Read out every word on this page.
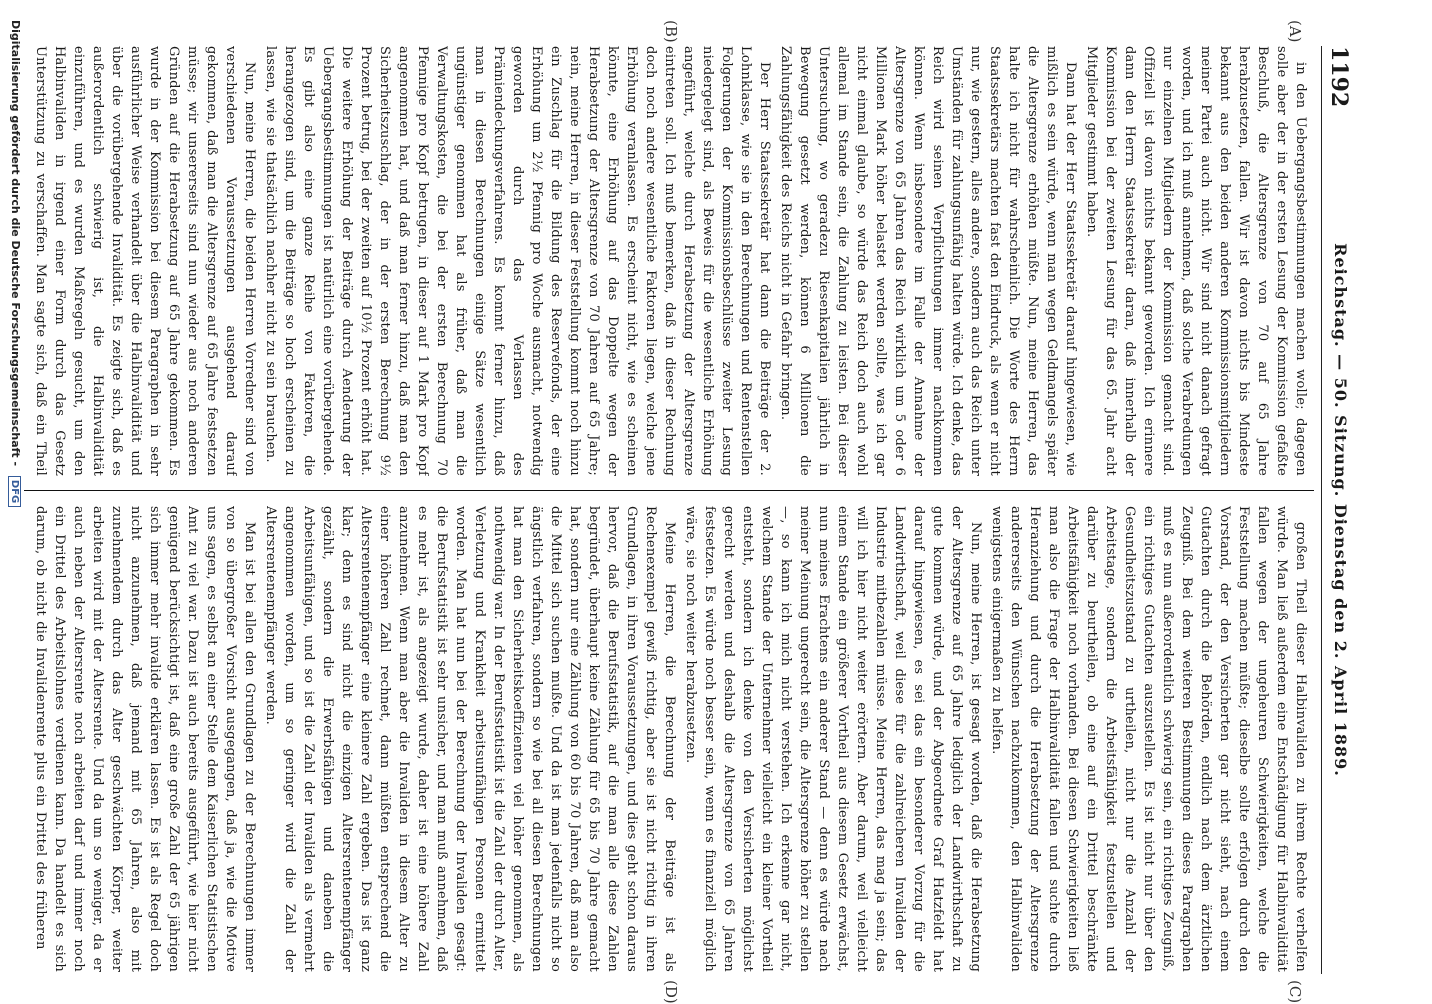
1192
Reichstag. — 50. Sitzung. Dienstag den 2. April 1889.
(A)
(B)
(C)
(D)

in den Uebergangsbestimmungen machen wolle; dagegen solle aber der in der ersten Lesung der Kommission gefaßte Beschluß, die Altersgrenze von 70 auf 65 Jahre herabzusetzen, fallen. Wir ist davon nichts bis Mindeste bekannt aus den beiden anderen Kommissionsmitgliedern meiner Partei auch nicht. Wir sind nicht danach gefragt worden, und ich muß annehmen, daß solche Verabredungen nur einzelnen Mitgliedern der Kommission gemacht sind. Offiziell ist davon nichts bekannt geworden. Ich erinnere dann den Herrn Staatssekretär daran, daß innerhalb der Kommission bei der zweiten Lesung für das 65. Jahr acht Mitglieder gestimmt haben.

Dann hat der Herr Staatssekretär darauf hingewiesen, wie mißlich es sein würde, wenn man wegen Geldmangels später die Altersgrenze erhöhen müßte. Nun, meine Herren, das halte ich nicht für wahrscheinlich. Die Worte des Herrn Staatssekretärs machten fast den Eindruck, als wenn er nicht nur, wie gestern, alles andere, sondern auch das Reich unter Umständen für zahlungsunfähig halten würde. Ich denke, das Reich wird seinen Verpflichtungen immer nachkommen können. Wenn insbesondere im Falle der Annahme der Altersgrenze von 65 Jahren das Reich wirklich um 5 oder 6 Millionen Mark höher belastet werden sollte, was ich gar nicht einmal glaube, so würde das Reich doch auch wohl allemal im Stande sein, die Zahlung zu leisten. Bei dieser Untersuchung, wo geradezu Riesenkapitalien jährlich in Bewegung gesetzt werden, können 6 Millionen die Zahlungsfähigkeit des Reichs nicht in Gefahr bringen.

Der Herr Staatssekretär hat dann die Beiträge der 2. Lohnklasse, wie sie in den Berechnungen und Rentenstellen Folgerungen der Kommissionsbeschlüsse zweiter Lesung niedergelegt sind, als Beweis für die wesentliche Erhöhung angeführt, welche durch Herabsetzung der Altersgrenze eintreten soll. Ich muß bemerken, daß in dieser Rechnung doch noch andere wesentliche Faktoren liegen, welche jene Erhöhung veranlassen. Es erscheint nicht, wie es scheinen könnte, eine Erhöhung auf das Doppelte wegen der Herabsetzung der Altersgrenze von 70 Jahren auf 65 Jahre; nein, meine Herren, in dieser Feststellung kommt noch hinzu ein Zuschlag für die Bildung des Reservefonds, der eine Erhöhung um 2½ Pfennig pro Woche ausmacht, notwendig geworden durch das Verlassen des Prämiendeckungsverfahrens. Es kommt ferner hinzu, daß man in diesen Berechnungen einige Sätze wesentlich ungünstiger genommen hat als früher, daß man die Verwaltungskosten, die bei der ersten Berechnung 70 Pfennige pro Kopf betrugen, in dieser auf 1 Mark pro Kopf angenommen hat, und daß man ferner hinzu, daß man den Sicherheitszuschlag, der in der ersten Berechnung 9½ Prozent betrug, bei der zweiten auf 10½ Prozent erhöht hat. Die weitere Erhöhung der Beiträge durch Aenderung der Uebergangsbestimmungen ist natürlich eine vorübergehende. Es gibt also eine ganze Reihe von Faktoren, die herangezogen sind, um die Beiträge so hoch erscheinen zu lassen, wie sie thatsächlich nachher nicht zu sein brauchen.

Nun, meine Herren, die beiden Herren Vorredner sind von verschiedenen Voraussetzungen ausgehend darauf gekommen, daß man die Altersgrenze auf 65 Jahre festsetzen müsse; wir unsererseits sind nun wieder aus noch anderen Gründen auf die Herabsetzung auf 65 Jahre gekommen. Es wurde in der Kommission bei diesem Paragraphen in sehr ausführlicher Weise verhandelt über die Halbinvalidität und über die vorübergehende Invalidität. Es zeigte sich, daß es außerordentlich schwierig ist, die Halbinvalidität einzuführen, und es wurden Maßregeln gesucht, um den Halbinvaliden in irgend einer Form durch das Gesetz Unterstützung zu verschaffen. Man sagte sich, daß ein Theil

großen Theil dieser Halbinvaliden zu ihrem Rechte verhelfen würde. Man ließ außerdem eine Entschädigung für Halbinvalidität fallen wegen der ungeheuren Schwierigkeiten, welche die Feststellung machen müßte; dieselbe sollte erfolgen durch den Vorstand, der den Versicherten gar nicht sieht, nach einem Gutachten durch die Behörden, endlich nach dem ärztlichen Zeugniß. Bei dem weiteren Bestimmungen dieses Paragraphen muß es nun außerordentlich schwierig sein, ein richtiges Zeugniß, ein richtiges Gutachten auszustellen. Es ist nicht nur über den Gesundheitszustand zu urtheilen, nicht nur die Anzahl der Arbeitstage, sondern die Arbeitsfähigkeit festzustellen und darüber zu beurtheilen, ob eine auf ein Drittel beschränkte Arbeitsfähigkeit noch vorhanden. Bei diesen Schwierigkeiten ließ man also die Frage der Halbinvalidität fallen und suchte durch Heranziehung und durch die Herabsetzung der Altersgrenze andererseits den Wünschen nachzukommen, den Halbinvaliden wenigstens einigermaßen zu helfen.

Nun, meine Herren, ist gesagt worden, daß die Herabsetzung der Altersgrenze auf 65 Jahre lediglich der Landwirthschaft zu gute kommen würde, und der Abgeordnete Graf Hatzfeldt hat darauf hingewiesen, es sei das ein besonderer Vorzug für die Landwirthschaft, weil diese für die zahlreicheren Invaliden der Industrie mitbezahlen müsse. Meine Herren, das mag ja sein; das will ich hier nicht weiter erörtern. Aber darum, weil vielleicht einem Stande ein größerer Vortheil aus diesem Gesetz erwächst, nun meines Erachtens ein anderer Stand — denn es würde nach meiner Meinung ungerecht sein, die Altersgrenze höher zu stellen —, so kann ich mich nicht verstehen. Ich erkenne gar nicht, welchem Stande der Unternehmer vielleicht ein kleiner Vortheil entsteht, sondern ich denke von den Versicherten möglichst gerecht werden und deshalb die Altersgrenze von 65 Jahren festsetzen. Es würde noch besser sein, wenn es finanziell möglich wäre, sie noch weiter herabzusetzen.

Meine Herren, die Berechnung der Beiträge ist als Rechenexempel gewiß richtig, aber sie ist nicht richtig in ihren Grundlagen, in ihren Voraussetzungen, und dies geht schon daraus hervor, daß die Berufsstatistik, auf die man alle diese Zahlen begründet, überhaupt keine Zählung für 65 bis 70 Jahre gemacht hat, sondern nur eine Zählung von 60 bis 70 Jahren, daß man also die Mittel sich suchen mußte. Und da ist man jedenfalls nicht so ängstlich verfahren, sondern so wie bei all diesen Berechnungen hat man den Sicherheitskoeffizienten viel höher genommen, als nothwendig war. In der Berufsstatistik ist die Zahl der durch Alter, Verletzung und Krankheit arbeitsunfähigen Personen ermittelt worden. Man hat nun bei der Berechnung der Invaliden gesagt: die Berufsstatistik ist sehr unsicher, und man muß annehmen, daß es mehr ist, als angezeigt wurde, daher ist eine höhere Zahl anzunehmen. Wenn man aber die Invaliden in diesem Alter zu einer höheren Zahl rechnet, dann müßten entsprechend die Altersrentenempfänger eine kleinere Zahl ergeben. Das ist ganz klar; denn es sind nicht die einzigen Altersrentenempfänger gezählt, sondern die Erwerbsfähigen und daneben die Arbeitsunfähigen, und so ist die Zahl der Invaliden als vermehrt angenommen worden, um so geringer wird die Zahl der Altersrentenempfänger werden.

Man ist bei allen den Grundlagen zu der Berechnungen immer von so übergroßer Vorsicht ausgegangen, daß ja, wie die Motive uns sagen, es selbst an einer Stelle dem Kaiserlichen Statistischen Amt zu viel war. Dazu ist auch bereits ausgeführt, wie hier nicht genügend berücksichtigt ist, daß eine große Zahl der 65 jährigen sich immer mehr invalide erklären lassen. Es ist als Regel doch nicht anzunehmen, daß jemand mit 65 Jahren, also mit zunehmendem durch das Alter geschwächten Körper, weiter arbeiten wird mit der Altersrente. Und da um so weniger, da er auch neben der Altersrente noch arbeiten darf und immer noch ein Drittel des Arbeitslohnes verdienen kann. Da handelt es sich darum, ob nicht die Invalidenrente plus ein Drittel des früheren

Digitalisierung gefördert durch die Deutsche Forschungsgemeinschaft - DFG
